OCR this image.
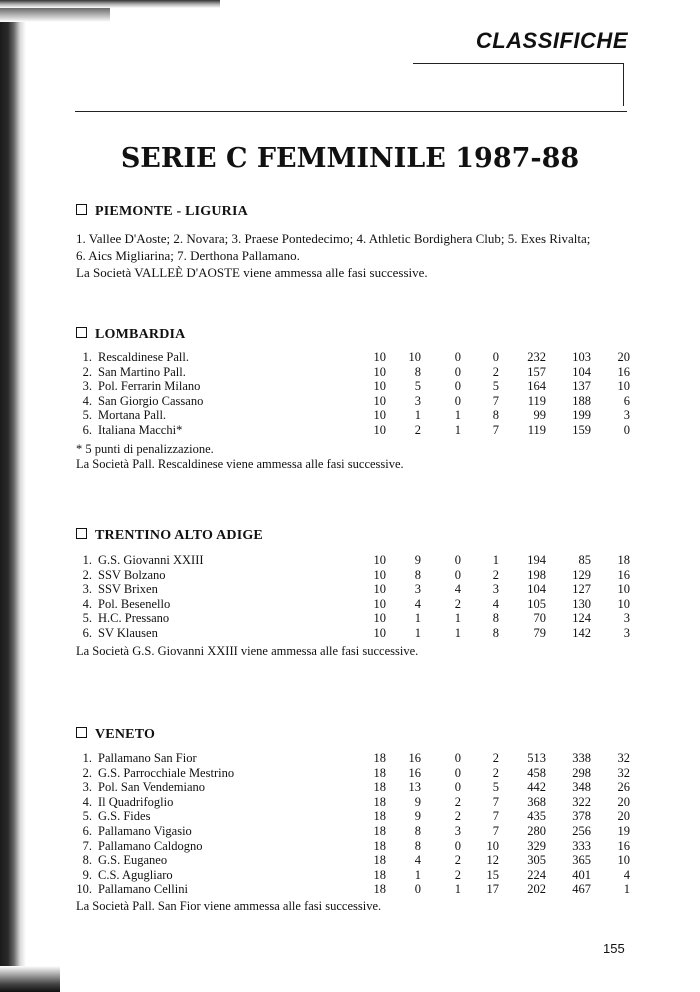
CLASSIFICHE
SERIE C FEMMINILE 1987-88
PIEMONTE - LIGURIA

1. Vallee D'Aoste; 2. Novara; 3. Praese Pontedecimo; 4. Athletic Bordighera Club; 5. Exes Rivalta;

6. Aics Migliarina; 7. Derthona Pallamano.

La Società VALLEÈ D'AOSTE viene ammessa alle fasi successive.

LOMBARDIA
1. Rescaldinese Pall.	10	10	0	0	232	103	20
2. San Martino Pall.	10	8	0	2	157	104	16
3. Pol. Ferrarin Milano	10	5	0	5	164	137	10
4. San Giorgio Cassano	10	3	0	7	119	188	6
5. Mortana Pall.	10	1	1	8	99	199	3
6. Italiana Macchi*	10	2	1	7	119	159	0

* 5 punti di penalizzazione.

La Società Pall. Rescaldinese viene ammessa alle fasi successive.

TRENTINO ALTO ADIGE
1. G.S. Giovanni XXIII	10	9	0	1	194	85	18
2. SSV Bolzano	10	8	0	2	198	129	16
3. SSV Brixen	10	3	4	3	104	127	10
4. Pol. Besenello	10	4	2	4	105	130	10
5. H.C. Pressano	10	1	1	8	70	124	3
6. SV Klausen	10	1	1	8	79	142	3

La Società G.S. Giovanni XXIII viene ammessa alle fasi successive.

VENETO
1. Pallamano San Fior	18	16	0	2	513	338	32
2. G.S. Parrocchiale Mestrino	18	16	0	2	458	298	32
3. Pol. San Vendemiano	18	13	0	5	442	348	26
4. Il Quadrifoglio	18	9	2	7	368	322	20
5. G.S. Fides	18	9	2	7	435	378	20
6. Pallamano Vigasio	18	8	3	7	280	256	19
7. Pallamano Caldogno	18	8	0	10	329	333	16
8. G.S. Euganeo	18	4	2	12	305	365	10
9. C.S. Agugliaro	18	1	2	15	224	401	4
10. Pallamano Cellini	18	0	1	17	202	467	1

La Società Pall. San Fior viene ammessa alle fasi successive.

155
